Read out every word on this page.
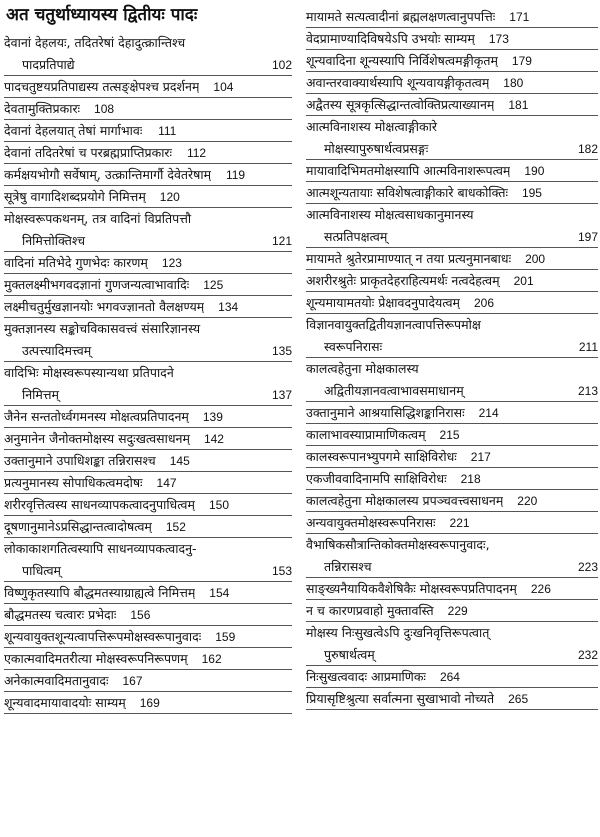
अत चतुर्थाध्यायस्य द्वितीयः पादः
देवानां देहलयः, तदितरेषां देहादुत्क्रान्तिश्च
पादप्रतिपाद्ये	102
पादचतुष्टयप्रतिपाद्यस्य तत्सङ्क्षेपश्च प्रदर्शनम्	104
देवतामुक्तिप्रकारः	108
देवानां देहलयात् तेषां मार्गाभावः	111
देवानां तदितरेषां च परब्रह्मप्राप्तिप्रकारः	112
कर्मक्षयभोगौ सर्वेषाम्, उत्क्रान्तिमार्गौ देवेतरेषाम्	119
सूत्रेषु वागादिशब्दप्रयोगे निमित्तम्	120
मोक्षस्वरूपकथनम्, तत्र वादिनां विप्रतिपत्तौ
निमित्तोक्तिश्च	121
वादिनां मतिभेदे गुणभेदः कारणम्	123
मुक्तलक्ष्मीभगवदज्ञानां गुणजन्यत्वाभावादिः	125
लक्ष्मीचतुर्मुखज्ञानयोः भगवज्ज्ञानतो वैलक्षण्यम्	134
मुक्तज्ञानस्य सङ्कोचविकासवत्त्वं संसारिज्ञानस्य
उत्पत्त्यादिमत्त्वम्	135
वादिभिः मोक्षस्वरूपस्यान्यथा प्रतिपादने
निमित्तम्	137
जैनेन सन्ततोर्ध्वगमनस्य मोक्षत्वप्रतिपादनम्	139
अनुमानेन जैनोक्तमोक्षस्य सदुःखत्वसाधनम्	142
उक्तानुमाने उपाधिशङ्का तन्निरासश्च	145
प्रत्यनुमानस्य सोपाधिकत्वमदोषः	147
शरीरवृत्तित्वस्य साधनव्यापकत्वादनुपाधित्वम्	150
दूषणानुमानेऽप्रसिद्धान्तत्वादोषत्वम्	152
लोकाकाशगतित्वस्यापि साधनव्यापकत्वादनु-
पाधित्वम्	153
विष्णुकृतस्यापि बौद्धमतस्याग्राह्यत्वे निमित्तम्	154
बौद्धमतस्य चत्वारः प्रभेदाः	156
शून्यवायुक्तशून्यत्वापत्तिरूपमोक्षस्वरूपानुवादः	159
एकात्मवादिमतरीत्या मोक्षस्वरूपनिरूपणम्	162
अनेकात्मवादिमतानुवादः	167
शून्यवादमायावादयोः साम्यम्	169
मायामते सत्यत्वादीनां ब्रह्मलक्षणत्वानुपपत्तिः	171
वेदप्रामाण्यादिविषयेऽपि उभयोः साम्यम्	173
शून्यवादिना शून्यस्यापि निर्विशेषत्वमङ्गीकृतम्	179
अवान्तरवाक्यार्थस्यापि शून्यवायङ्गीकृतत्वम्	180
अद्वैतस्य सूत्रकृत्सिद्धान्तत्वोक्तिप्रत्याख्यानम्	181
आत्मविनाशस्य मोक्षत्वाङ्गीकारे
मोक्षस्यापुरुषार्थत्वप्रसङ्गः	182
मायावादिभिमतमोक्षस्यापि आत्मविनाशरूपत्वम्	190
आत्मशून्यतायाः सविशेषत्वाङ्गीकारे बाधकोक्तिः	195
आत्मविनाशस्य मोक्षत्वसाधकानुमानस्य
सत्प्रतिपक्षत्वम्	197
मायामते श्रुतेरप्रामाण्यात् न तया प्रत्यनुमानबाधः	200
अशरीरश्रुतेः प्राकृतदेहराहित्यमर्थः नत्वदेहत्वम्	201
शून्यमायामतयोः प्रेक्षावदनुपादेयत्वम्	206
विज्ञानवायुक्तद्वितीयज्ञानत्वापत्तिरूपमोक्ष
स्वरूपनिरासः	211
कालत्वहेतुना मोक्षकालस्य
अद्वितीयज्ञानवत्वाभावसमाधानम्	213
उक्तानुमाने आश्रयासिद्धिशङ्कानिरासः	214
कालाभावस्याप्रामाणिकत्वम्	215
कालस्वरूपानभ्युपगमे साक्षिविरोधः	217
एकजीववादिनामपि साक्षिविरोधः	218
कालत्वहेतुना मोक्षकालस्य प्रपञ्चवत्त्वसाधनम्	220
अन्यवायुक्तमोक्षस्वरूपनिरासः	221
वैभाषिकसौत्रान्तिकोक्तमोक्षस्वरूपानुवादः,
तन्निरासश्च	223
साङ्ख्यनैयायिकवैशेषिकैः मोक्षस्वरूपप्रतिपादनम्	226
न च कारणप्रवाहो मुक्तावस्ति	229
मोक्षस्य निःसुखत्वेऽपि दुःखनिवृत्तिरूपत्वात्
पुरुषार्थत्वम्	232
निःसुखत्ववादः आप्रमाणिकः	264
प्रियासृष्टिश्रुत्या सर्वात्मना सुखाभावो नोच्यते	265
